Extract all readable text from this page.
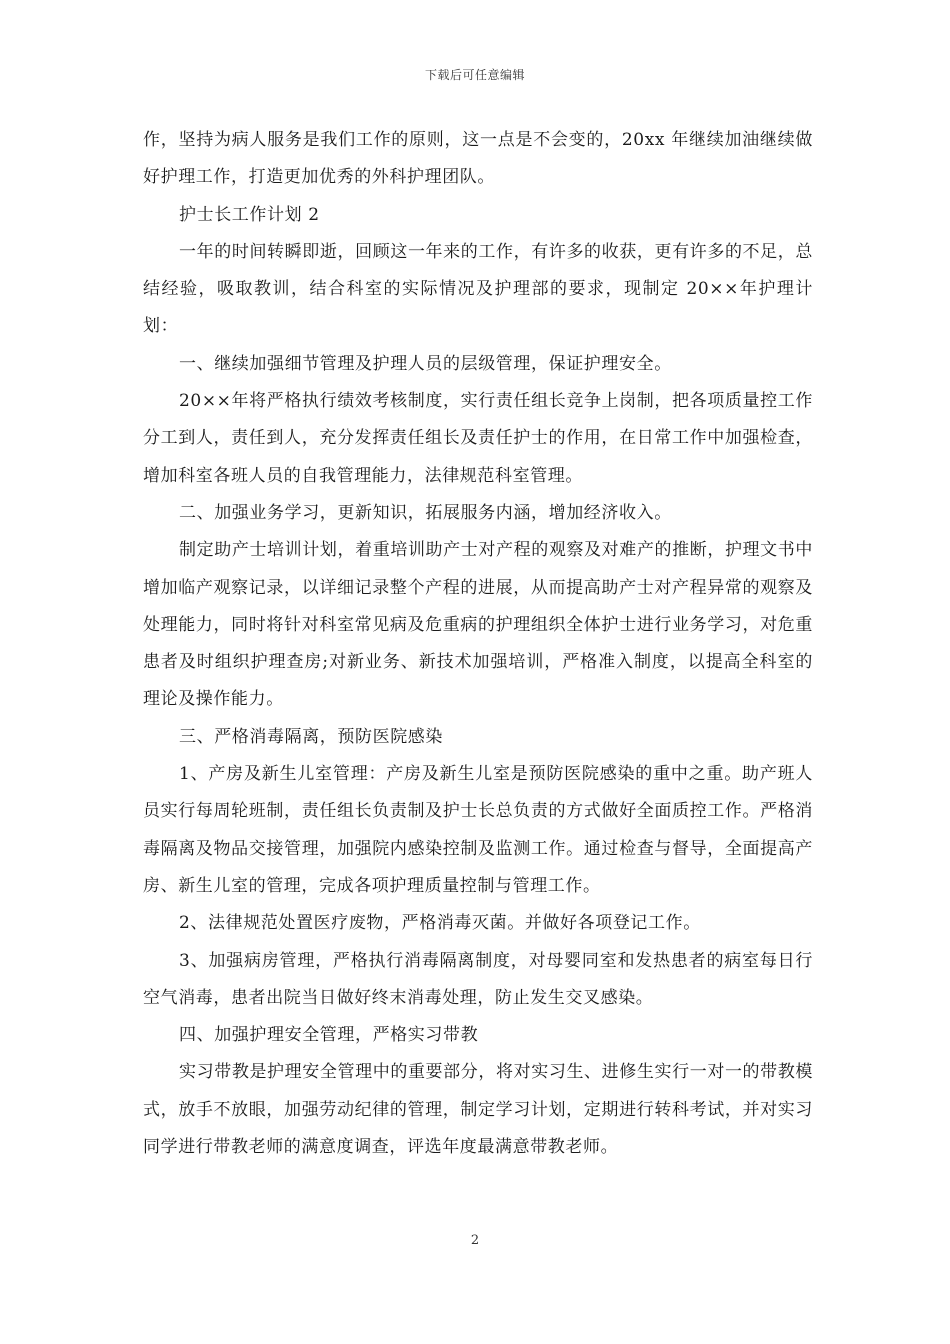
下载后可任意编辑

作，坚持为病人服务是我们工作的原则，这一点是不会变的，20xx 年继续加油继续做好护理工作，打造更加优秀的外科护理团队。

护士长工作计划 2

一年的时间转瞬即逝，回顾这一年来的工作，有许多的收获，更有许多的不足，总结经验，吸取教训，结合科室的实际情况及护理部的要求，现制定 20××年护理计划：

一、继续加强细节管理及护理人员的层级管理，保证护理安全。

20××年将严格执行绩效考核制度，实行责任组长竞争上岗制，把各项质量控工作分工到人，责任到人，充分发挥责任组长及责任护士的作用，在日常工作中加强检查，增加科室各班人员的自我管理能力，法律规范科室管理。

二、加强业务学习，更新知识，拓展服务内涵，增加经济收入。

制定助产士培训计划，着重培训助产士对产程的观察及对难产的推断，护理文书中增加临产观察记录，以详细记录整个产程的进展，从而提高助产士对产程异常的观察及处理能力，同时将针对科室常见病及危重病的护理组织全体护士进行业务学习，对危重患者及时组织护理查房;对新业务、新技术加强培训，严格准入制度，以提高全科室的理论及操作能力。

三、严格消毒隔离，预防医院感染

1、产房及新生儿室管理：产房及新生儿室是预防医院感染的重中之重。助产班人员实行每周轮班制，责任组长负责制及护士长总负责的方式做好全面质控工作。严格消毒隔离及物品交接管理，加强院内感染控制及监测工作。通过检查与督导，全面提高产房、新生儿室的管理，完成各项护理质量控制与管理工作。

2、法律规范处置医疗废物，严格消毒灭菌。并做好各项登记工作。

3、加强病房管理，严格执行消毒隔离制度，对母婴同室和发热患者的病室每日行空气消毒，患者出院当日做好终末消毒处理，防止发生交叉感染。

四、加强护理安全管理，严格实习带教

实习带教是护理安全管理中的重要部分，将对实习生、进修生实行一对一的带教模式，放手不放眼，加强劳动纪律的管理，制定学习计划，定期进行转科考试，并对实习同学进行带教老师的满意度调查，评选年度最满意带教老师。

2
